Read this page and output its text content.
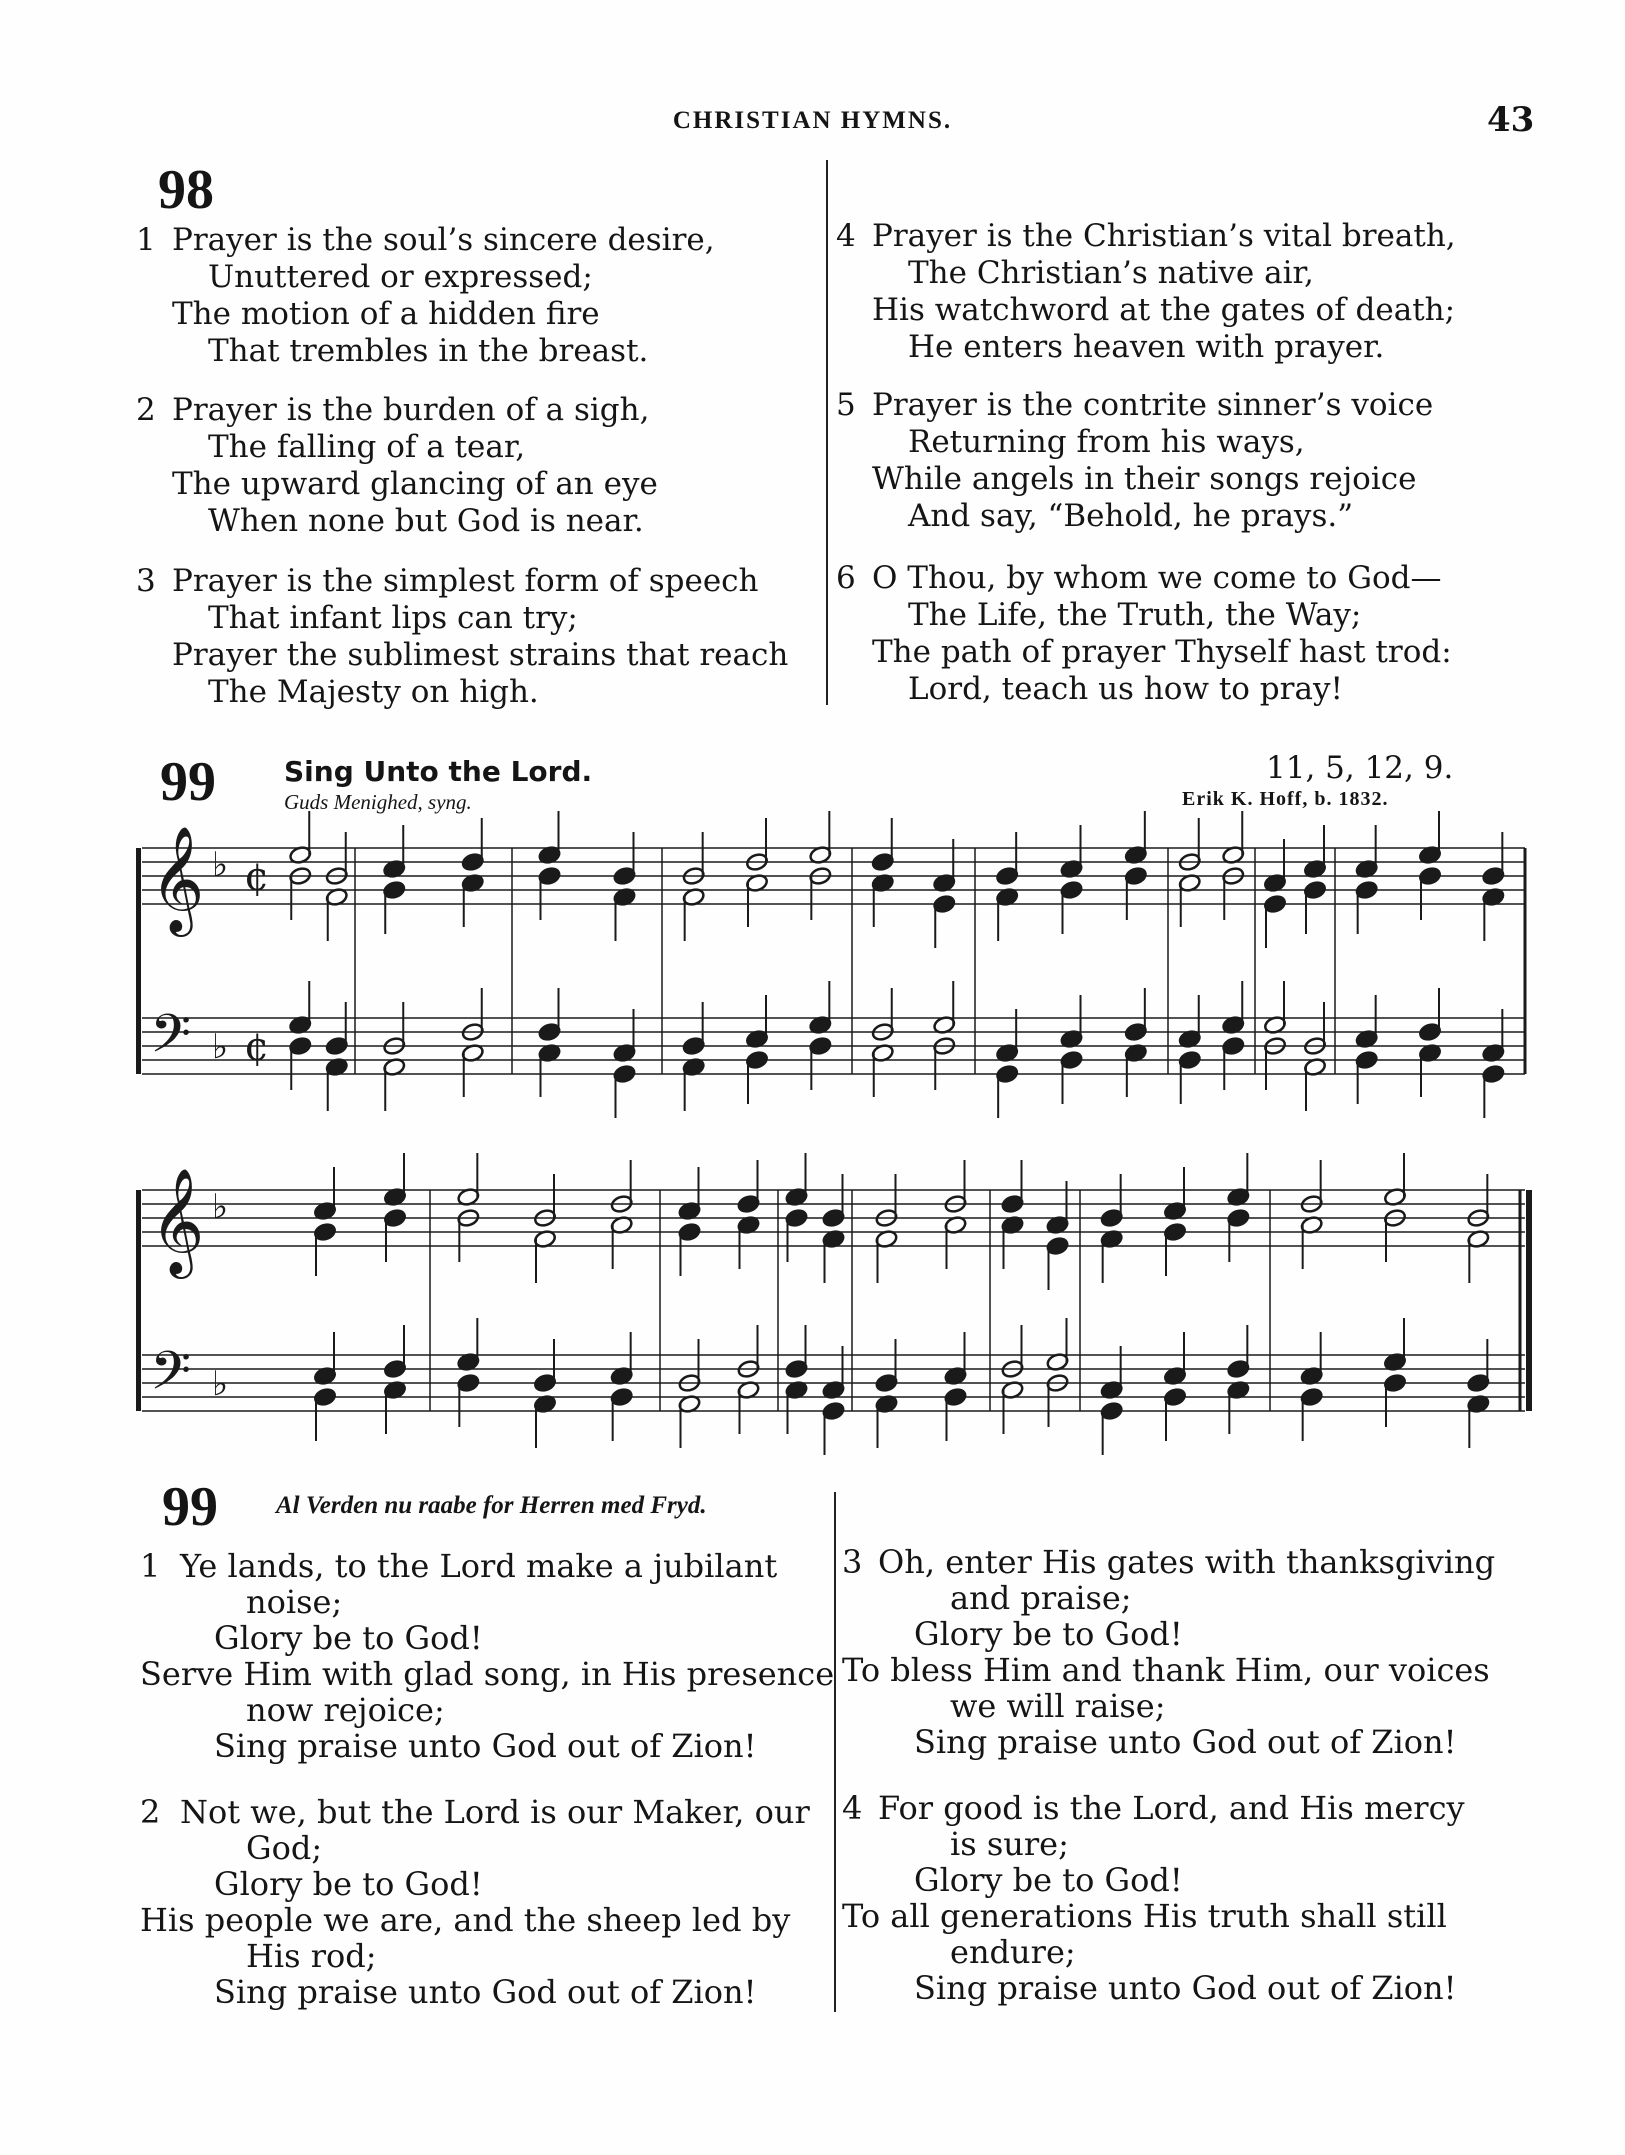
CHRISTIAN HYMNS.	43
98
1 Prayer is the soul’s sincere desire,
Unuttered or expressed;
The motion of a hidden fire
That trembles in the breast.
2 Prayer is the burden of a sigh,
The falling of a tear,
The upward glancing of an eye
When none but God is near.
3 Prayer is the simplest form of speech
That infant lips can try;
Prayer the sublimest strains that reach
The Majesty on high.
4 Prayer is the Christian’s vital breath,
The Christian’s native air,
His watchword at the gates of death;
He enters heaven with prayer.
5 Prayer is the contrite sinner’s voice
Returning from his ways,
While angels in their songs rejoice
And say, “Behold, he prays.”
6 O Thou, by whom we come to God—
The Life, the Truth, the Way;
The path of prayer Thyself hast trod:
Lord, teach us how to pray!
99 Sing Unto the Lord.
Guds Menighed, syng.
11, 5, 12, 9.
Erik K. Hoff, b. 1832.
𝄞 ♭ ¢
𝄢 ♭ ¢
𝄞 ♭
𝄢 ♭
99 Al Verden nu raabe for Herren med Fryd.
1 Ye lands, to the Lord make a jubilant
noise;
Glory be to God!
Serve Him with glad song, in His presence
now rejoice;
Sing praise unto God out of Zion!
2 Not we, but the Lord is our Maker, our
God;
Glory be to God!
His people we are, and the sheep led by
His rod;
Sing praise unto God out of Zion!
3 Oh, enter His gates with thanksgiving
and praise;
Glory be to God!
To bless Him and thank Him, our voices
we will raise;
Sing praise unto God out of Zion!
4 For good is the Lord, and His mercy
is sure;
Glory be to God!
To all generations His truth shall still
endure;
Sing praise unto God out of Zion!
